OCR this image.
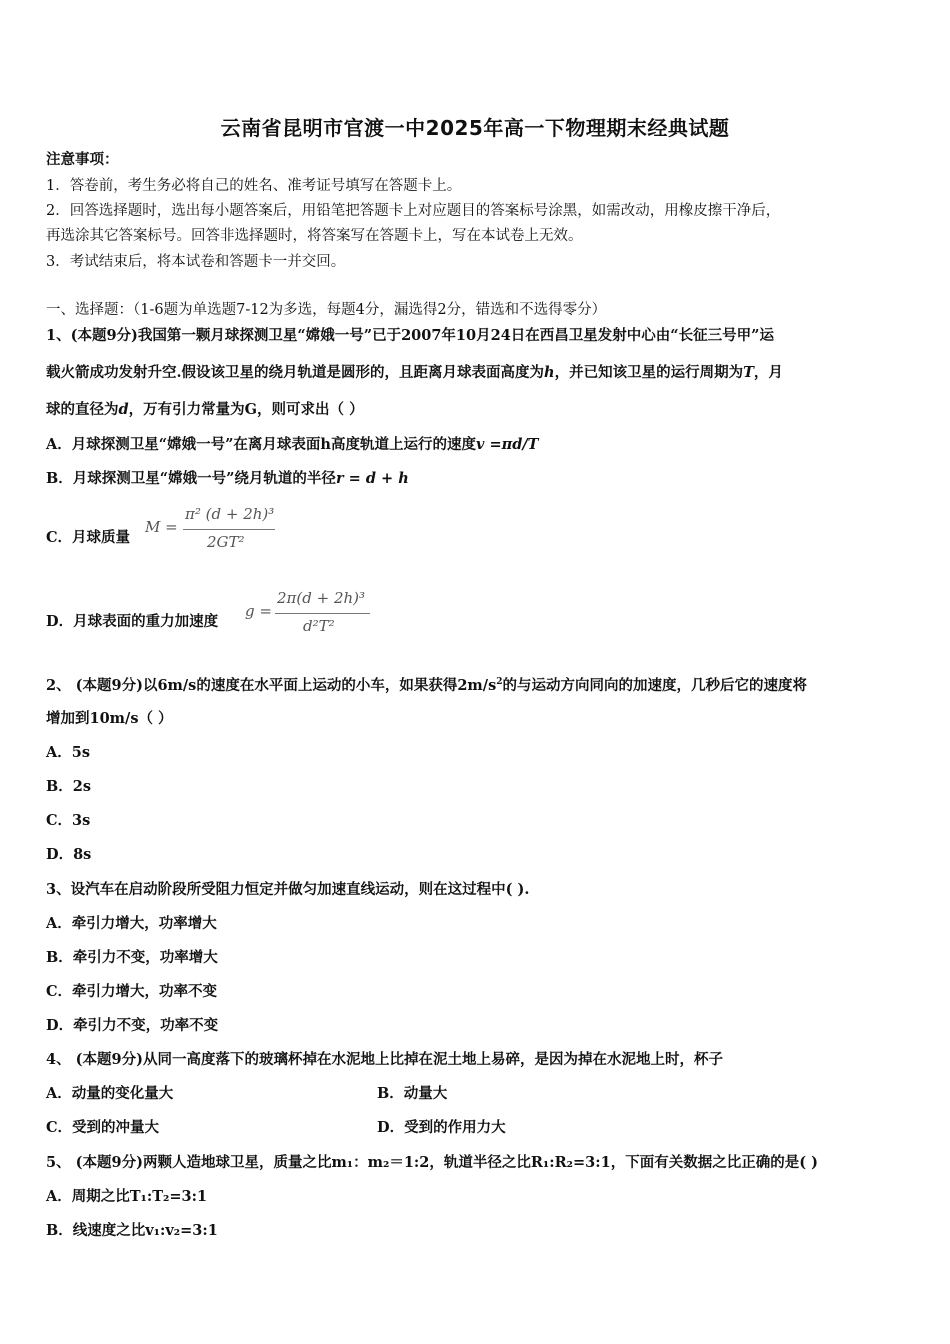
云南省昆明市官渡一中2025年高一下物理期末经典试题
注意事项：
1．答卷前，考生务必将自己的姓名、准考证号填写在答题卡上。
2．回答选择题时，选出每小题答案后，用铅笔把答题卡上对应题目的答案标号涂黑，如需改动，用橡皮擦干净后，
再选涂其它答案标号。回答非选择题时，将答案写在答题卡上，写在本试卷上无效。
3．考试结束后，将本试卷和答题卡一并交回。
一、选择题：（1-6题为单选题7-12为多选，每题4分，漏选得2分，错选和不选得零分）
1、(本题9分)我国第一颗月球探测卫星“嫦娥一号”已于2007年10月24日在西昌卫星发射中心由“长征三号甲”运
载火箭成功发射升空.假设该卫星的绕月轨道是圆形的，且距离月球表面高度为h，并已知该卫星的运行周期为T，月
球的直径为d，万有引力常量为G，则可求出（ ）
A．月球探测卫星“嫦娥一号”在离月球表面h高度轨道上运行的速度v =πd/T
B．月球探测卫星“嫦娥一号”绕月轨道的半径r = d + h
C．月球质量
M =
π² (d + 2h)³
2GT²
D．月球表面的重力加速度
g =
2π(d + 2h)³
d²T²
2、 (本题9分)以6m/s的速度在水平面上运动的小车，如果获得$2m/s^2$的与运动方向同向的加速度，几秒后它的速度将
增加到10m/s（ ）
A．5s
B．2s
C．3s
D．8s
3、设汽车在启动阶段所受阻力恒定并做匀加速直线运动，则在这过程中( ).
A．牵引力增大，功率增大
B．牵引力不变，功率增大
C．牵引力增大，功率不变
D．牵引力不变，功率不变
4、 (本题9分)从同一高度落下的玻璃杯掉在水泥地上比掉在泥土地上易碎，是因为掉在水泥地上时，杯子
A．动量的变化量大	B．动量大
C．受到的冲量大	D．受到的作用力大
5、 (本题9分)两颗人造地球卫星，质量之比m₁：m₂＝1:2，轨道半径之比R₁:R₂=3:1，下面有关数据之比正确的是( )
A．周期之比T₁:T₂=3:1
B．线速度之比v₁:v₂=3:1
